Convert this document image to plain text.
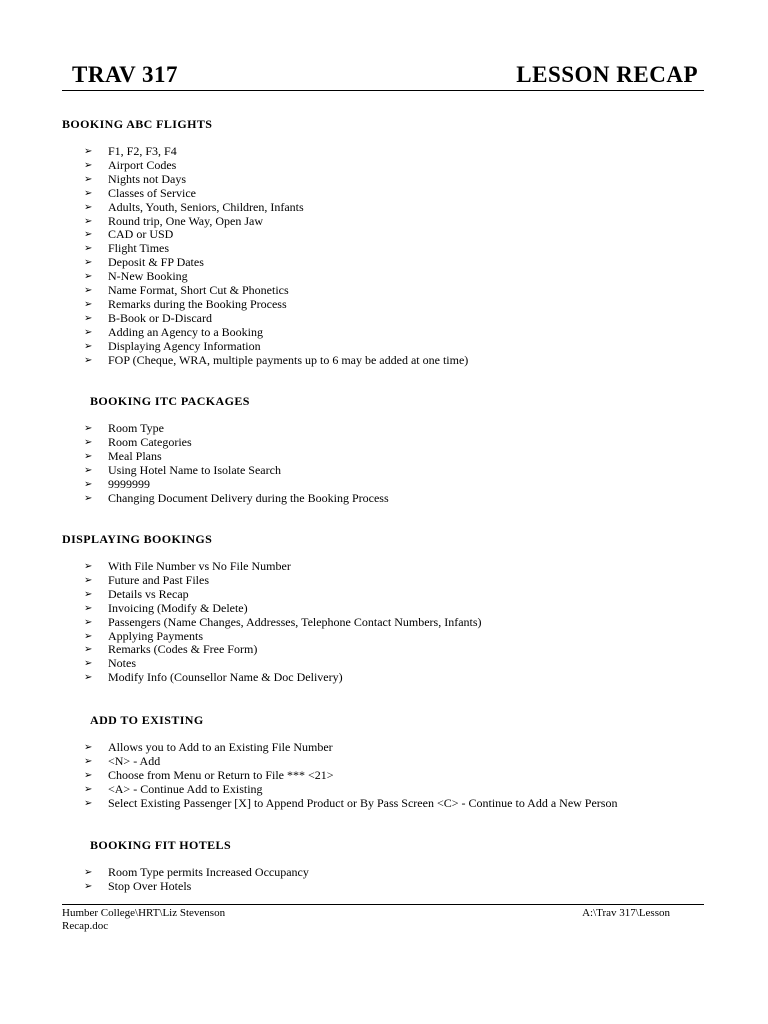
TRAV 317	LESSON RECAP
BOOKING ABC FLIGHTS
➢ F1, F2, F3, F4
➢ Airport Codes
➢ Nights not Days
➢ Classes of Service
➢ Adults, Youth, Seniors, Children, Infants
➢ Round trip, One Way, Open Jaw
➢ CAD or USD
➢ Flight Times
➢ Deposit & FP Dates
➢ N-New Booking
➢ Name Format, Short Cut & Phonetics
➢ Remarks during the Booking Process
➢ B-Book or D-Discard
➢ Adding an Agency to a Booking
➢ Displaying Agency Information
➢ FOP (Cheque, WRA, multiple payments up to 6 may be added at one time)
BOOKING ITC PACKAGES
➢ Room Type
➢ Room Categories
➢ Meal Plans
➢ Using Hotel Name to Isolate Search
➢ 9999999
➢ Changing Document Delivery during the Booking Process
DISPLAYING BOOKINGS
➢ With File Number vs No File Number
➢ Future and Past Files
➢ Details vs Recap
➢ Invoicing (Modify & Delete)
➢ Passengers (Name Changes, Addresses, Telephone Contact Numbers, Infants)
➢ Applying Payments
➢ Remarks (Codes & Free Form)
➢ Notes
➢ Modify Info (Counsellor Name & Doc Delivery)
ADD TO EXISTING
➢ Allows you to Add to an Existing File Number
➢ <N> - Add
➢ Choose from Menu or Return to File *** <21>
➢ <A> - Continue Add to Existing
➢ Select Existing Passenger [X] to Append Product or By Pass Screen <C> - Continue to Add a New Person
BOOKING FIT HOTELS
➢ Room Type permits Increased Occupancy
➢ Stop Over Hotels
Humber College\HRT\Liz Stevenson
Recap.doc
A:\Trav 317\Lesson
